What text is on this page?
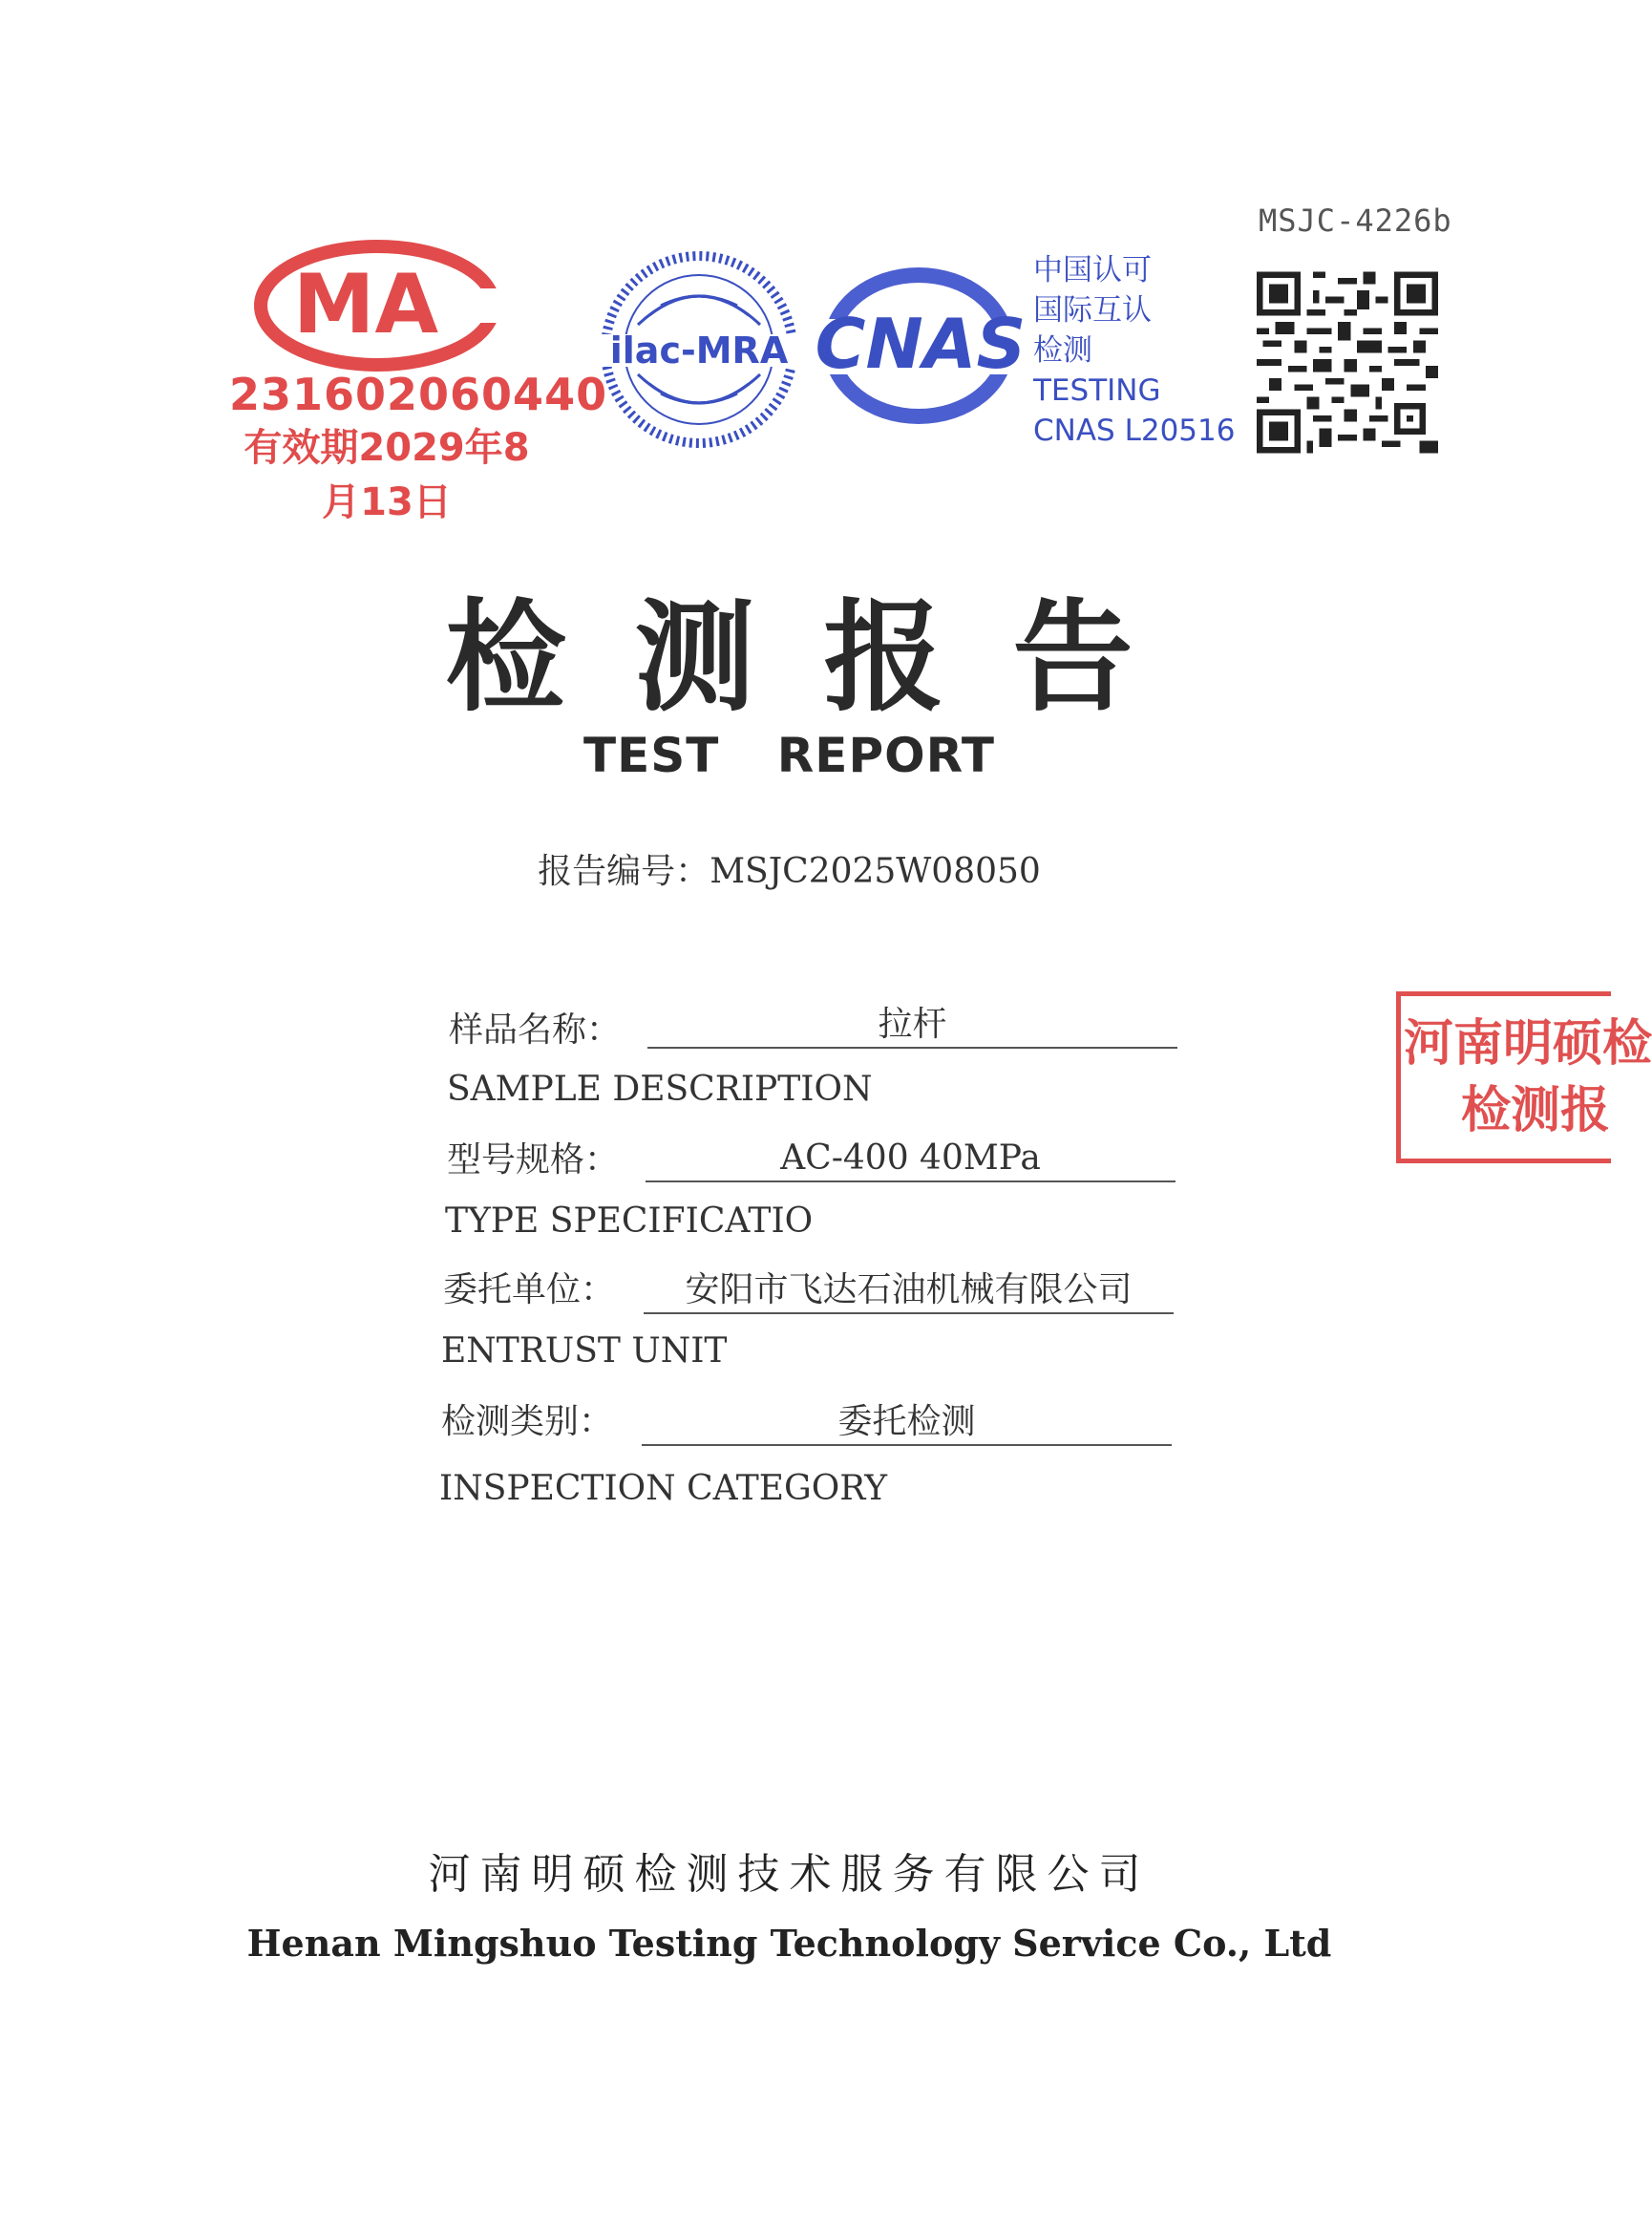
MSJC-4226b
MA
231602060440
有效期2029年8月13日
ilac-MRA CNAS
中国认可
国际互认
检测
TESTING
CNAS L20516
检测报告
TEST REPORT
报告编号：MSJC2025W08050
样品名称：	拉杆
SAMPLE DESCRIPTION
型号规格：	AC-400 40MPa
TYPE SPECIFICATIO
委托单位：	安阳市飞达石油机械有限公司
ENTRUST UNIT
检测类别：	委托检测
INSPECTION CATEGORY
河南明硕检
检测报
河南明硕检测技术服务有限公司
Henan Mingshuo Testing Technology Service Co., Ltd
